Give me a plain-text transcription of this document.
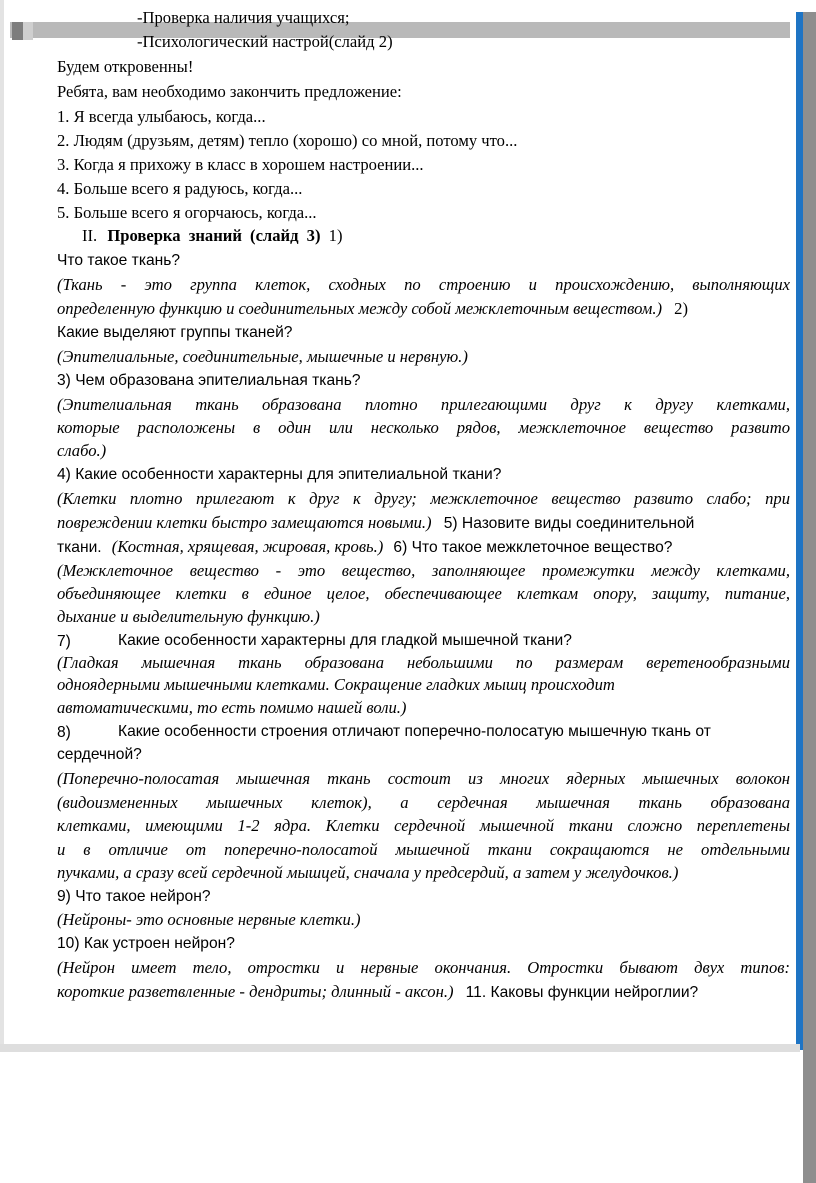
-Проверка наличия учащихся;
-Психологический настрой(слайд 2)
Будем откровенны!
Ребята, вам необходимо закончить предложение:
1. Я всегда улыбаюсь, когда...
2. Людям (друзьям, детям) тепло (хорошо) со мной, потому что...
3. Когда я прихожу в класс в хорошем настроении...
4. Больше всего я радуюсь, когда...
5. Больше всего я огорчаюсь, когда...
II. Проверка знаний (слайд 3) 1)
Что такое ткань?
(Ткань - это группа клеток, сходных по строению и происхождению, выполняющих
определенную функцию и соединительных между собой межклеточным веществом.) 2)
Какие выделяют группы тканей?
(Эпителиальные, соединительные, мышечные и нервную.)
3) Чем образована эпителиальная ткань?
(Эпителиальная ткань образована плотно прилегающими друг к другу клетками,
которые расположены в один или несколько рядов, межклеточное вещество развито
слабо.)
4) Какие особенности характерны для эпителиальной ткани?
(Клетки плотно прилегают к друг к другу; межклеточное вещество развито слабо; при
повреждении клетки быстро замещаются новыми.) 5) Назовите виды соединительной
ткани. (Костная, хрящевая, жировая, кровь.) 6) Что такое межклеточное вещество?
(Межклеточное вещество - это вещество, заполняющее промежутки между клетками,
объединяющее клетки в единое целое, обеспечивающее клеткам опору, защиту, питание,
дыхание и выделительную функцию.)
7)	Какие особенности характерны для гладкой мышечной ткани?
(Гладкая мышечная ткань образована небольшими по размерам веретенообразными
одноядерными мышечными клетками. Сокращение гладких мышц происходит
автоматическими, то есть помимо нашей воли.)
8)	Какие особенности строения отличают поперечно-полосатую мышечную ткань от
сердечной?
(Поперечно-полосатая мышечная ткань состоит из многих ядерных мышечных волокон
(видоизмененных мышечных клеток), а сердечная мышечная ткань образована
клетками, имеющими 1-2 ядра. Клетки сердечной мышечной ткани сложно переплетены
и в отличие от поперечно-полосатой мышечной ткани сокращаются не отдельными
пучками, а сразу всей сердечной мышцей, сначала у предсердий, а затем у желудочков.)
9) Что такое нейрон?
(Нейроны- это основные нервные клетки.)
10) Как устроен нейрон?
(Нейрон имеет тело, отростки и нервные окончания. Отростки бывают двух типов:
короткие разветвленные - дендриты; длинный - аксон.) 11. Каковы функции нейроглии?
